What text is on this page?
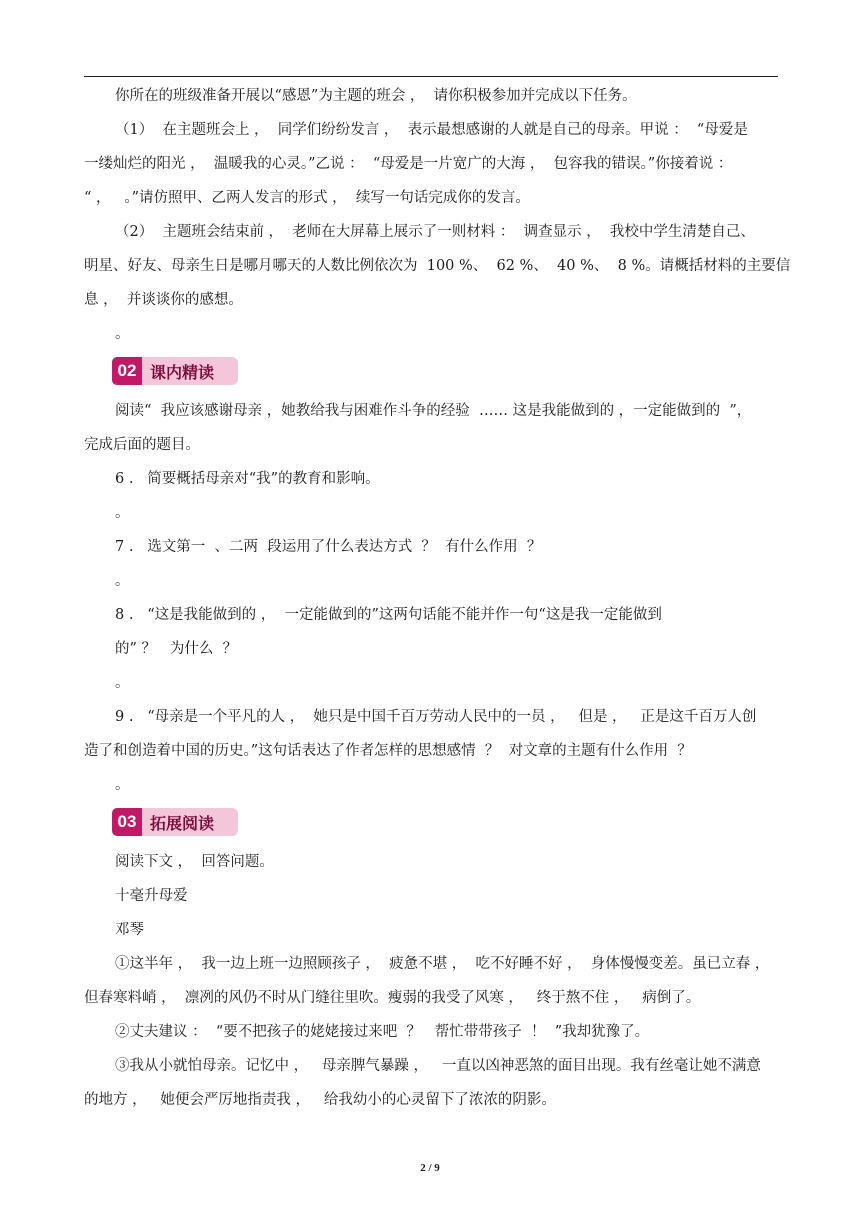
你所在的班级准备开展以“感恩”为主题的班会 ，  请你积极参加并完成以下任务。
（1）  在主题班会上 ，  同学们纷纷发言 ，  表示最想感谢的人就是自己的母亲。甲说 ：  “母爱是
一缕灿烂的阳光 ，  温暖我的心灵。”乙说 ：  “母爱是一片宽广的大海 ，  包容我的错误。”你接着说 ：
“ ，   。”请仿照甲、乙两人发言的形式 ，  续写一句话完成你的发言。
（2）  主题班会结束前 ，  老师在大屏幕上展示了一则材料 ：  调查显示 ，  我校中学生清楚自己、
明星、好友、母亲生日是哪月哪天的人数比例依次为  100 %、  62 %、  40 %、  8 %。请概括材料的主要信
息 ，  并谈谈你的感想。
。
02 课内精读
阅读“  我应该感谢母亲 ，她教给我与困难作斗争的经验  …… 这是我能做到的 ，一定能做到的  ”，
完成后面的题目。
6 .   简要概括母亲对“我”的教育和影响。
。
7 .   选文第一  、二两  段运用了什么表达方式  ？  有什么作用  ？
。
8 .   “这是我能做到的 ，  一定能做到的”这两句话能不能并作一句“这是我一定能做到
的” ？   为什么  ？
。
9 .   “母亲是一个平凡的人 ，  她只是中国千百万劳动人民中的一员 ，   但是 ，   正是这千百万人创
造了和创造着中国的历史。”这句话表达了作者怎样的思想感情  ？  对文章的主题有什么作用  ？
。
03 拓展阅读
阅读下文 ，  回答问题。
十毫升母爱
邓琴
①这半年 ，  我一边上班一边照顾孩子 ，  疲惫不堪 ，  吃不好睡不好 ，  身体慢慢变差。虽已立春 ，
但春寒料峭 ，  凛冽的风仍不时从门缝往里吹。瘦弱的我受了风寒 ，   终于熬不住 ，   病倒了。
②丈夫建议 ：  “要不把孩子的姥姥接过来吧  ？   帮忙带带孩子  ！  ”我却犹豫了。
③我从小就怕母亲。记忆中 ，   母亲脾气暴躁 ，   一直以凶神恶煞的面目出现。我有丝毫让她不满意
的地方 ，   她便会严厉地指责我 ，   给我幼小的心灵留下了浓浓的阴影。
2 / 9
